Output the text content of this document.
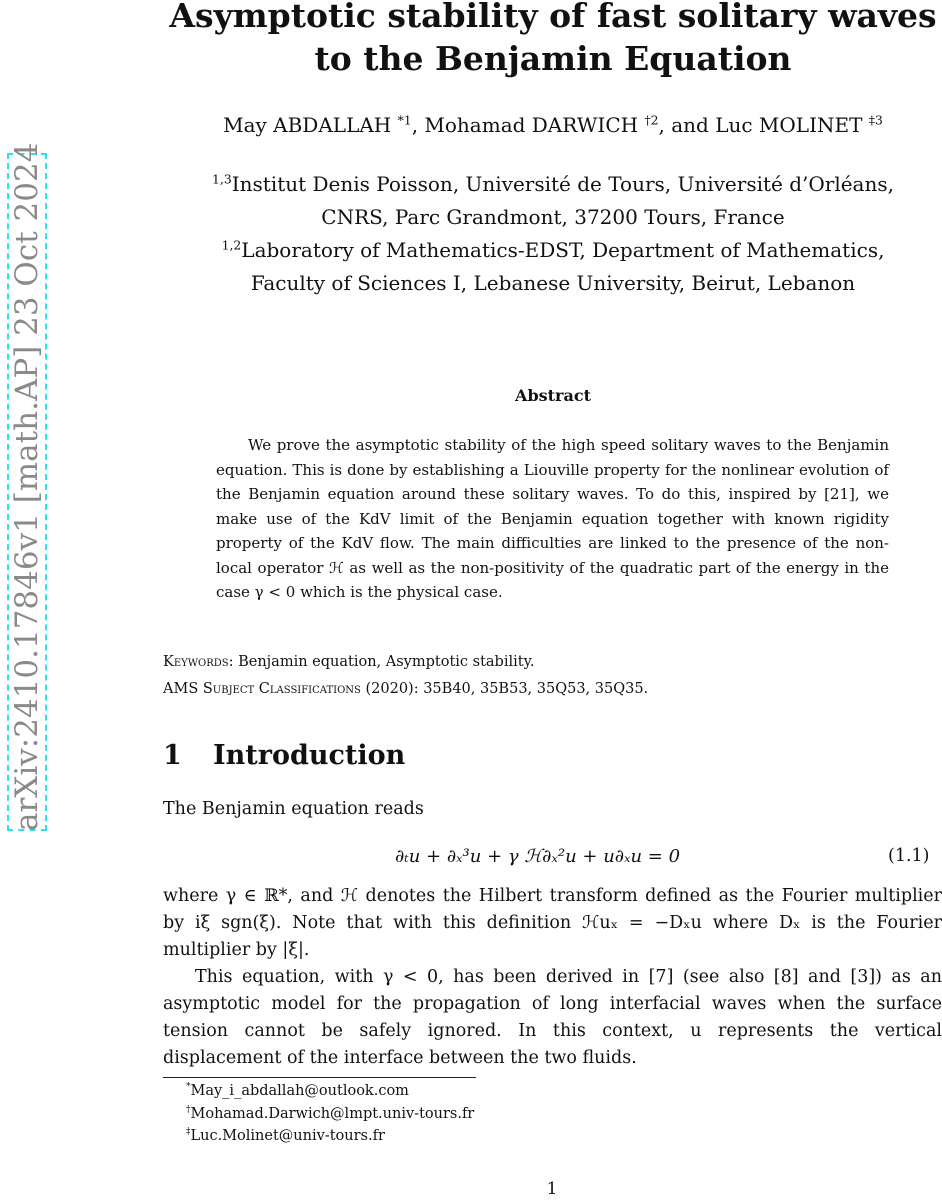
arXiv:2410.17846v1 [math.AP] 23 Oct 2024
Asymptotic stability of fast solitary waves
to the Benjamin Equation
May ABDALLAH $^{*1}$, Mohamad DARWICH $^{\dagger 2}$, and Luc MOLINET $^{\ddagger 3}$
$^{1,3}$Institut Denis Poisson, Université de Tours, Université d’Orléans,
CNRS, Parc Grandmont, 37200 Tours, France
$^{1,2}$Laboratory of Mathematics-EDST, Department of Mathematics,
Faculty of Sciences I, Lebanese University, Beirut, Lebanon
Abstract
We prove the asymptotic stability of the high speed solitary waves to the Benjamin equation. This is done by establishing a Liouville property for the nonlinear evolution of the Benjamin equation around these solitary waves. To do this, inspired by [21], we make use of the KdV limit of the Benjamin equation together with known rigidity property of the KdV flow. The main difficulties are linked to the presence of the non-local operator ℋ as well as the non-positivity of the quadratic part of the energy in the case γ < 0 which is the physical case.
Keywords: Benjamin equation, Asymptotic stability.
AMS Subject Classifications (2020): 35B40, 35B53, 35Q53, 35Q35.
1 Introduction
The Benjamin equation reads
∂ₜu + ∂ₓ³u + γ ℋ∂ₓ²u + u∂ₓu = 0	(1.1)
where γ ∈ ℝ*, and ℋ denotes the Hilbert transform defined as the Fourier multiplier by iξ sgn(ξ). Note that with this definition ℋuₓ = −Dₓu where Dₓ is the Fourier multiplier by |ξ|.
This equation, with γ < 0, has been derived in [7] (see also [8] and [3]) as an asymptotic model for the propagation of long interfacial waves when the surface tension cannot be safely ignored. In this context, u represents the vertical displacement of the interface between the two fluids.
*May_i_abdallah@outlook.com
†Mohamad.Darwich@lmpt.univ-tours.fr
‡Luc.Molinet@univ-tours.fr
1
